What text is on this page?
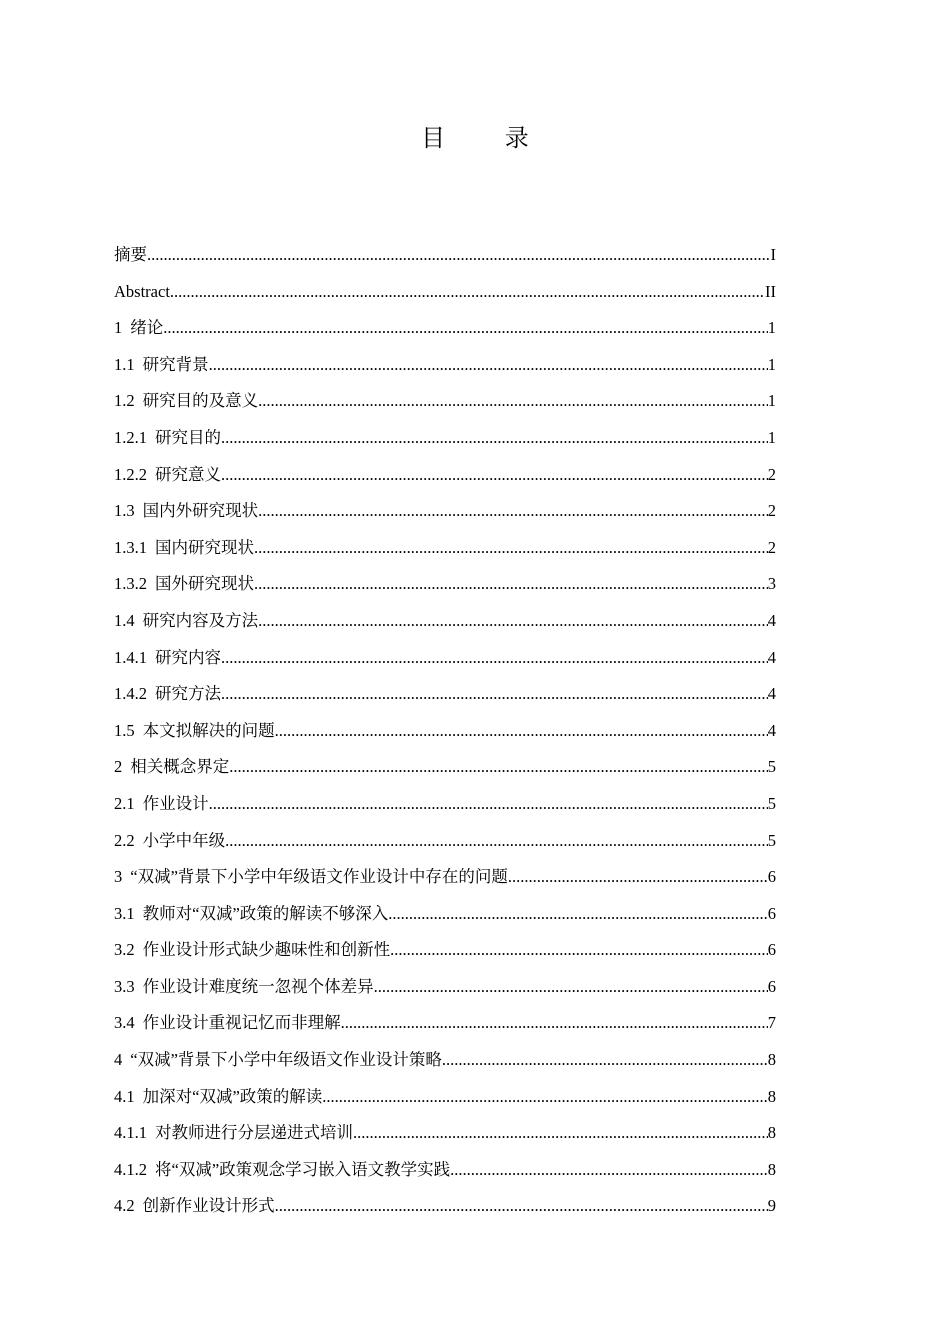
目 录
摘要 .....	I
Abstract .....	II
1 绪论 .....	1
1.1 研究背景 .....	1
1.2 研究目的及意义 .....	1
1.2.1 研究目的 .....	1
1.2.2 研究意义 .....	2
1.3 国内外研究现状 .....	2
1.3.1 国内研究现状 .....	2
1.3.2 国外研究现状 .....	3
1.4 研究内容及方法 .....	4
1.4.1 研究内容 .....	4
1.4.2 研究方法 .....	4
1.5 本文拟解决的问题 .....	4
2 相关概念界定 .....	5
2.1 作业设计 .....	5
2.2 小学中年级 .....	5
3 “双减”背景下小学中年级语文作业设计中存在的问题 .....	6
3.1 教师对“双减”政策的解读不够深入 .....	6
3.2 作业设计形式缺少趣味性和创新性 .....	6
3.3 作业设计难度统一忽视个体差异 .....	6
3.4 作业设计重视记忆而非理解 .....	7
4 “双减”背景下小学中年级语文作业设计策略 .....	8
4.1 加深对“双减”政策的解读 .....	8
4.1.1 对教师进行分层递进式培训 .....	8
4.1.2 将“双减”政策观念学习嵌入语文教学实践 .....	8
4.2 创新作业设计形式 .....	9
